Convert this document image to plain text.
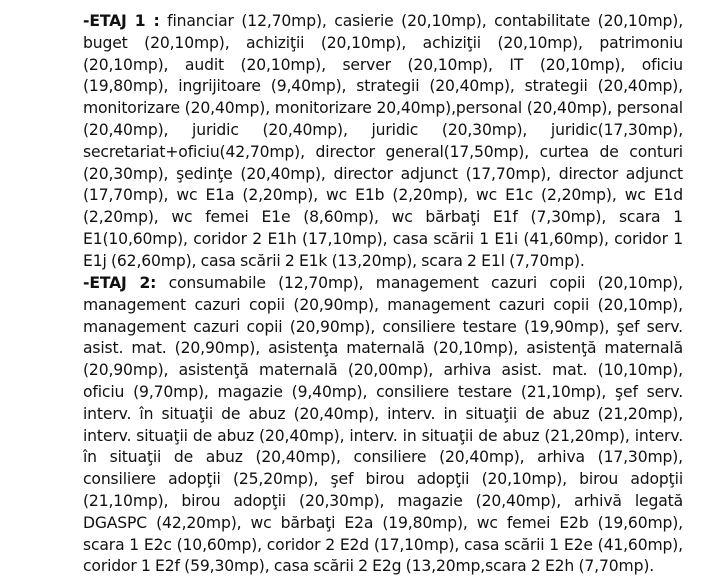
-ETAJ 1 : financiar (12,70mp), casierie (20,10mp), contabilitate (20,10mp), buget (20,10mp), achiziţii (20,10mp), achiziţii (20,10mp), patrimoniu (20,10mp), audit (20,10mp), server (20,10mp), IT (20,10mp), oficiu (19,80mp), ingrijitoare (9,40mp), strategii (20,40mp), strategii (20,40mp), monitorizare (20,40mp), monitorizare 20,40mp),personal (20,40mp), personal (20,40mp), juridic (20,40mp), juridic (20,30mp), juridic(17,30mp), secretariat+oficiu(42,70mp), director general(17,50mp), curtea de conturi (20,30mp), şedinţe (20,40mp), director adjunct (17,70mp), director adjunct (17,70mp), wc E1a (2,20mp), wc E1b (2,20mp), wc E1c (2,20mp), wc E1d (2,20mp), wc femei E1e (8,60mp), wc bărbaţi E1f (7,30mp), scara 1 E1(10,60mp), coridor 2 E1h (17,10mp), casa scării 1 E1i (41,60mp), coridor 1 E1j (62,60mp), casa scării 2 E1k (13,20mp), scara 2 E1l (7,70mp).

-ETAJ 2: consumabile (12,70mp), management cazuri copii (20,10mp), management cazuri copii (20,90mp), management cazuri copii (20,10mp), management cazuri copii (20,90mp), consiliere testare (19,90mp), şef serv. asist. mat. (20,90mp), asistenţa maternală (20,10mp), asistenţă maternală (20,90mp), asistenţă maternală (20,00mp), arhiva asist. mat. (10,10mp), oficiu (9,70mp), magazie (9,40mp), consiliere testare (21,10mp), şef serv. interv. în situaţii de abuz (20,40mp), interv. in situaţii de abuz (21,20mp), interv. situaţii de abuz (20,40mp), interv. in situaţii de abuz (21,20mp), interv. în situaţii de abuz (20,40mp), consiliere (20,40mp), arhiva (17,30mp), consiliere adopţii (25,20mp), şef birou adopţii (20,10mp), birou adopţii (21,10mp), birou adopţii (20,30mp), magazie (20,40mp), arhivă legată DGASPC (42,20mp), wc bărbaţi E2a (19,80mp), wc femei E2b (19,60mp), scara 1 E2c (10,60mp), coridor 2 E2d (17,10mp), casa scării 1 E2e (41,60mp), coridor 1 E2f (59,30mp), casa scării 2 E2g (13,20mp,scara 2 E2h (7,70mp).
